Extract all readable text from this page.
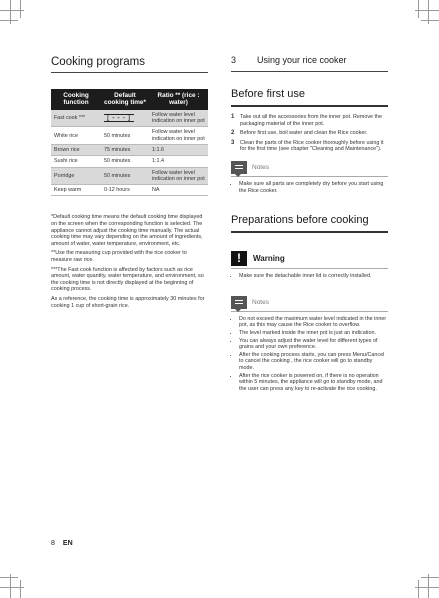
Cooking programs
Cooking function	Default cooking time*	Ratio ** (rice : water)
Fast cook ***	[---]	Follow water level indication on inner pot
White rice	50 minutes	Follow water level indication on inner pot
Brown rice	75 minutes	1:1.6
Sushi rice	50 minutes	1:1.4
Porridge	50 minutes	Follow water level indication on inner pot
Keep warm	0-12 hours	NA

*Default cooking time means the default cooking time displayed on the screen when the corresponding function is selected. The appliance cannot adjust the cooking time manually. The actual cooking time may vary depending on the amount of ingredients, amount of water, water temperature, environment, etc.

**Use the measuring cup provided with the rice cooker to measure raw rice.

***The Fast cook function is affected by factors such as rice amount, water quantity, water temperature, and environment, so the cooking time is not directly displayed at the beginning of cooking process.

As a reference, the cooking time is approximately 30 minutes for cooking 1 cup of short-grain rice.

3	Using your rice cooker
Before first use
1	Take out all the accessories from the inner pot. Remove the packaging material of the inner pot.
2	Before first use, boil water and clean the Rice cooker.
3	Clean the parts of the Rice cooker thoroughly before using it for the first time (see chapter "Cleaning and Maintenance").
Notes
• Make sure all parts are completely dry before you start using the Rice cooker.
Preparations before cooking
!	Warning
• Make sure the detachable inner lid is correctly installed.
Notes
• Do not exceed the maximum water level indicated in the inner pot, as this may cause the Rice cooker to overflow.
• The level marked inside the inner pot is just an indication.
• You can always adjust the water level for different types of grains and your own preference.
• After the cooking process starts, you can press Menu/Cancel to cancel the cooking , the rice cooker will go to standby mode.
• After the rice cooker is powered on, if there is no operation within 5 minutes, the appliance will go to standby mode, and the user can press any key to re-activate the rice cooking.
8 EN
